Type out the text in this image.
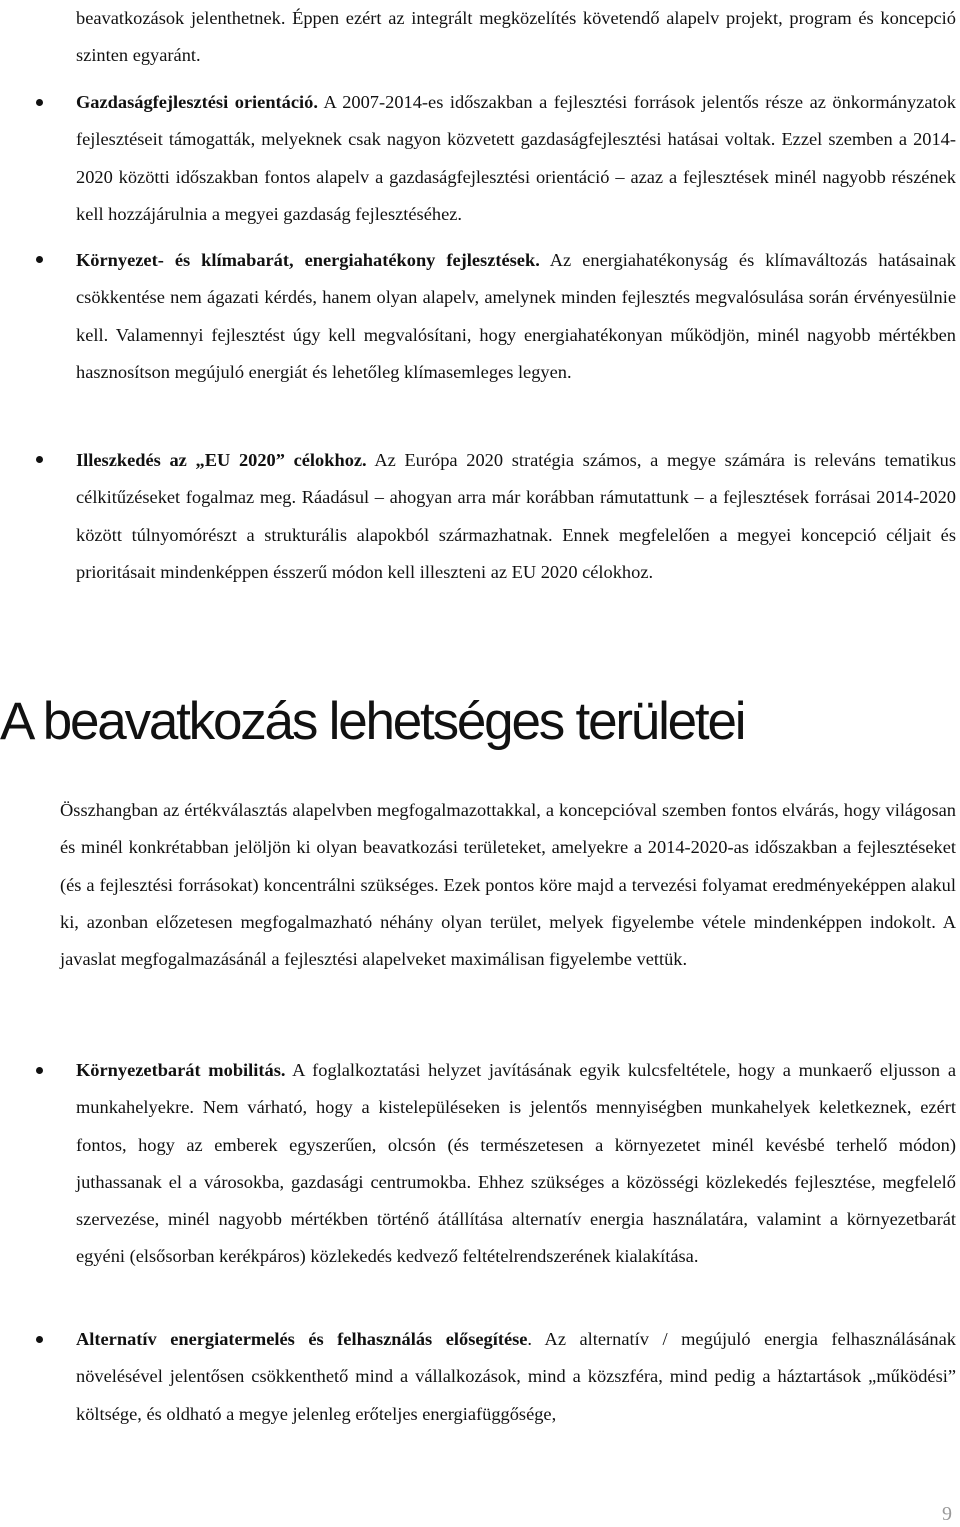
beavatkozások jelenthetnek. Éppen ezért az integrált megközelítés követendő alapelv projekt, program és koncepció szinten egyaránt.

Gazdaságfejlesztési orientáció. A 2007-2014-es időszakban a fejlesztési források jelentős része az önkormányzatok fejlesztéseit támogatták, melyeknek csak nagyon közvetett gazdaságfejlesztési hatásai voltak. Ezzel szemben a 2014-2020 közötti időszakban fontos alapelv a gazdaságfejlesztési orientáció – azaz a fejlesztések minél nagyobb részének kell hozzájárulnia a megyei gazdaság fejlesztéséhez.

Környezet- és klímabarát, energiahatékony fejlesztések. Az energiahatékonyság és klímaváltozás hatásainak csökkentése nem ágazati kérdés, hanem olyan alapelv, amelynek minden fejlesztés megvalósulása során érvényesülnie kell. Valamennyi fejlesztést úgy kell megvalósítani, hogy energiahatékonyan működjön, minél nagyobb mértékben hasznosítson megújuló energiát és lehetőleg klímasemleges legyen.

Illeszkedés az „EU 2020” célokhoz. Az Európa 2020 stratégia számos, a megye számára is releváns tematikus célkitűzéseket fogalmaz meg. Ráadásul – ahogyan arra már korábban rámutattunk – a fejlesztések forrásai 2014-2020 között túlnyomórészt a strukturális alapokból származhatnak. Ennek megfelelően a megyei koncepció céljait és prioritásait mindenképpen ésszerű módon kell illeszteni az EU 2020 célokhoz.

A beavatkozás lehetséges területei

Összhangban az értékválasztás alapelvben megfogalmazottakkal, a koncepcióval szemben fontos elvárás, hogy világosan és minél konkrétabban jelöljön ki olyan beavatkozási területeket, amelyekre a 2014-2020-as időszakban a fejlesztéseket (és a fejlesztési forrásokat) koncentrálni szükséges. Ezek pontos köre majd a tervezési folyamat eredményeképpen alakul ki, azonban előzetesen megfogalmazható néhány olyan terület, melyek figyelembe vétele mindenképpen indokolt. A javaslat megfogalmazásánál a fejlesztési alapelveket maximálisan figyelembe vettük.

Környezetbarát mobilitás. A foglalkoztatási helyzet javításának egyik kulcsfeltétele, hogy a munkaerő eljusson a munkahelyekre. Nem várható, hogy a kistelepüléseken is jelentős mennyiségben munkahelyek keletkeznek, ezért fontos, hogy az emberek egyszerűen, olcsón (és természetesen a környezetet minél kevésbé terhelő módon) juthassanak el a városokba, gazdasági centrumokba. Ehhez szükséges a közösségi közlekedés fejlesztése, megfelelő szervezése, minél nagyobb mértékben történő átállítása alternatív energia használatára, valamint a környezetbarát egyéni (elsősorban kerékpáros) közlekedés kedvező feltételrendszerének kialakítása.

Alternatív energiatermelés és felhasználás elősegítése. Az alternatív / megújuló energia felhasználásának növelésével jelentősen csökkenthető mind a vállalkozások, mind a közszféra, mind pedig a háztartások „működési” költsége, és oldható a megye jelenleg erőteljes energiafüggősége,

9
